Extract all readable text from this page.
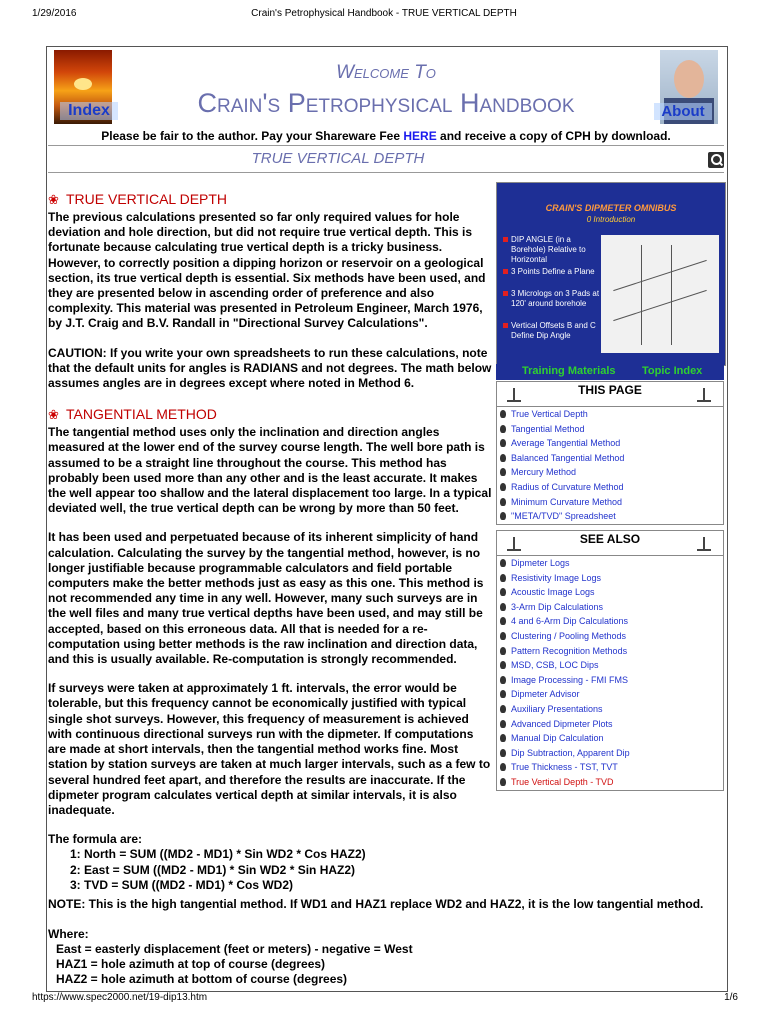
1/29/2016	Crain's Petrophysical Handbook - TRUE VERTICAL DEPTH
Index
Welcome To
Crain's Petrophysical Handbook	About
Please be fair to the author. Pay your Shareware Fee HERE and receive a copy of CPH by download.
TRUE VERTICAL DEPTH
❀ TRUE VERTICAL DEPTH

The previous calculations presented so far only required values for hole deviation and hole direction, but did not require true vertical depth. This is fortunate because calculating true vertical depth is a tricky business. However, to correctly position a dipping horizon or reservoir on a geological section, its true vertical depth is essential. Six methods have been used, and they are presented below in ascending order of preference and also complexity. This material was presented in Petroleum Engineer, March 1976, by J.T. Craig and B.V. Randall in "Directional Survey Calculations".

CAUTION: If you write your own spreadsheets to run these calculations, note that the default units for angles is RADIANS and not degrees. The math below assumes angles are in degrees except where noted in Method 6.

❀ TANGENTIAL METHOD

The tangential method uses only the inclination and direction angles measured at the lower end of the survey course length. The well bore path is assumed to be a straight line throughout the course. This method has probably been used more than any other and is the least accurate. It makes the well appear too shallow and the lateral displacement too large. In a typical deviated well, the true vertical depth can be wrong by more than 50 feet.

It has been used and perpetuated because of its inherent simplicity of hand calculation. Calculating the survey by the tangential method, however, is no longer justifiable because programmable calculators and field portable computers make the better methods just as easy as this one. This method is not recommended any time in any well. However, many such surveys are in the well files and many true vertical depths have been used, and may still be accepted, based on this erroneous data. All that is needed for a re-computation using better methods is the raw inclination and direction data, and this is usually available. Re-computation is strongly recommended.

If surveys were taken at approximately 1 ft. intervals, the error would be tolerable, but this frequency cannot be economically justified with typical single shot surveys. However, this frequency of measurement is achieved with continuous directional surveys run with the dipmeter. If computations are made at short intervals, then the tangential method works fine. Most station by station surveys are taken at much larger intervals, such as a few to several hundred feet apart, and therefore the results are inaccurate. If the dipmeter program calculates vertical depth at similar intervals, it is also inadequate.

The formula are:
1: North = SUM ((MD2 - MD1) * Sin WD2 * Cos HAZ2)
2: East = SUM ((MD2 - MD1) * Sin WD2 * Sin HAZ2)
3: TVD = SUM ((MD2 - MD1) * Cos WD2)
NOTE: This is the high tangential method. If WD1 and HAZ1 replace WD2 and HAZ2, it is the low tangential method.
Where:
East = easterly displacement (feet or meters) - negative = West
HAZ1 = hole azimuth at top of course (degrees)
HAZ2 = hole azimuth at bottom of course (degrees)
CRAIN'S DIPMETER OMNIBUS
0 Introduction
DIP ANGLE (in a Borehole) Relative to Horizontal
3 Points Define a Plane
3 Micrologs on 3 Pads at 120' around borehole
Vertical Offsets B and C Define Dip Angle
Training Materials Topic Index
THIS PAGE
True Vertical Depth
Tangential Method
Average Tangential Method
Balanced Tangential Method
Mercury Method
Radius of Curvature Method
Minimum Curvature Method
"META/TVD" Spreadsheet
SEE ALSO
Dipmeter Logs
Resistivity Image Logs
Acoustic Image Logs
3-Arm Dip Calculations
4 and 6-Arm Dip Calculations
Clustering / Pooling Methods
Pattern Recognition Methods
MSD, CSB, LOC Dips
Image Processing - FMI FMS
Dipmeter Advisor
Auxiliary Presentations
Advanced Dipmeter Plots
Manual Dip Calculation
Dip Subtraction, Apparent Dip
True Thickness - TST, TVT
True Vertical Depth - TVD
https://www.spec2000.net/19-dip13.htm	1/6
